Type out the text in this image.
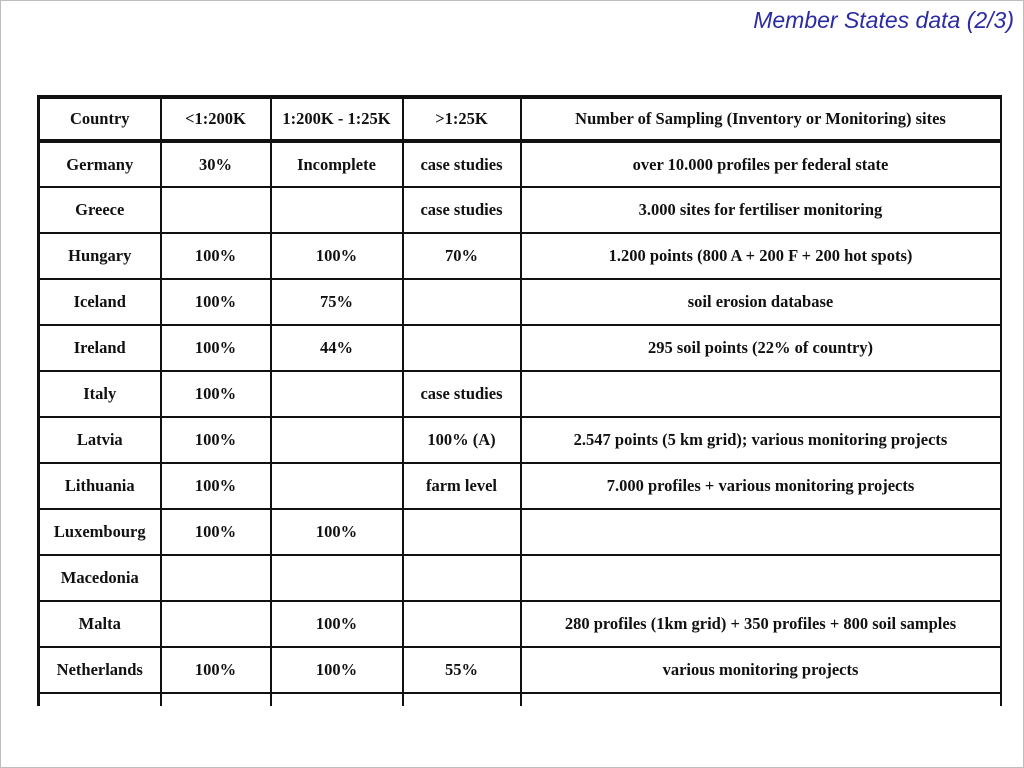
Member States data (2/3)
Country	<1:200K	1:200K - 1:25K	>1:25K	Number of Sampling (Inventory or Monitoring) sites
Germany	30%	Incomplete	case studies	over 10.000 profiles per federal state
Greece			case studies	3.000 sites for fertiliser monitoring
Hungary	100%	100%	70%	1.200 points (800 A + 200 F + 200 hot spots)
Iceland	100%	75%		soil erosion database
Ireland	100%	44%		295 soil points (22% of country)
Italy	100%		case studies	
Latvia	100%		100% (A)	2.547 points (5 km grid); various monitoring projects
Lithuania	100%		farm level	7.000 profiles + various monitoring projects
Luxembourg	100%	100%		
Macedonia				
Malta		100%		280 profiles (1km grid) + 350 profiles + 800 soil samples
Netherlands	100%	100%	55%	various monitoring projects
